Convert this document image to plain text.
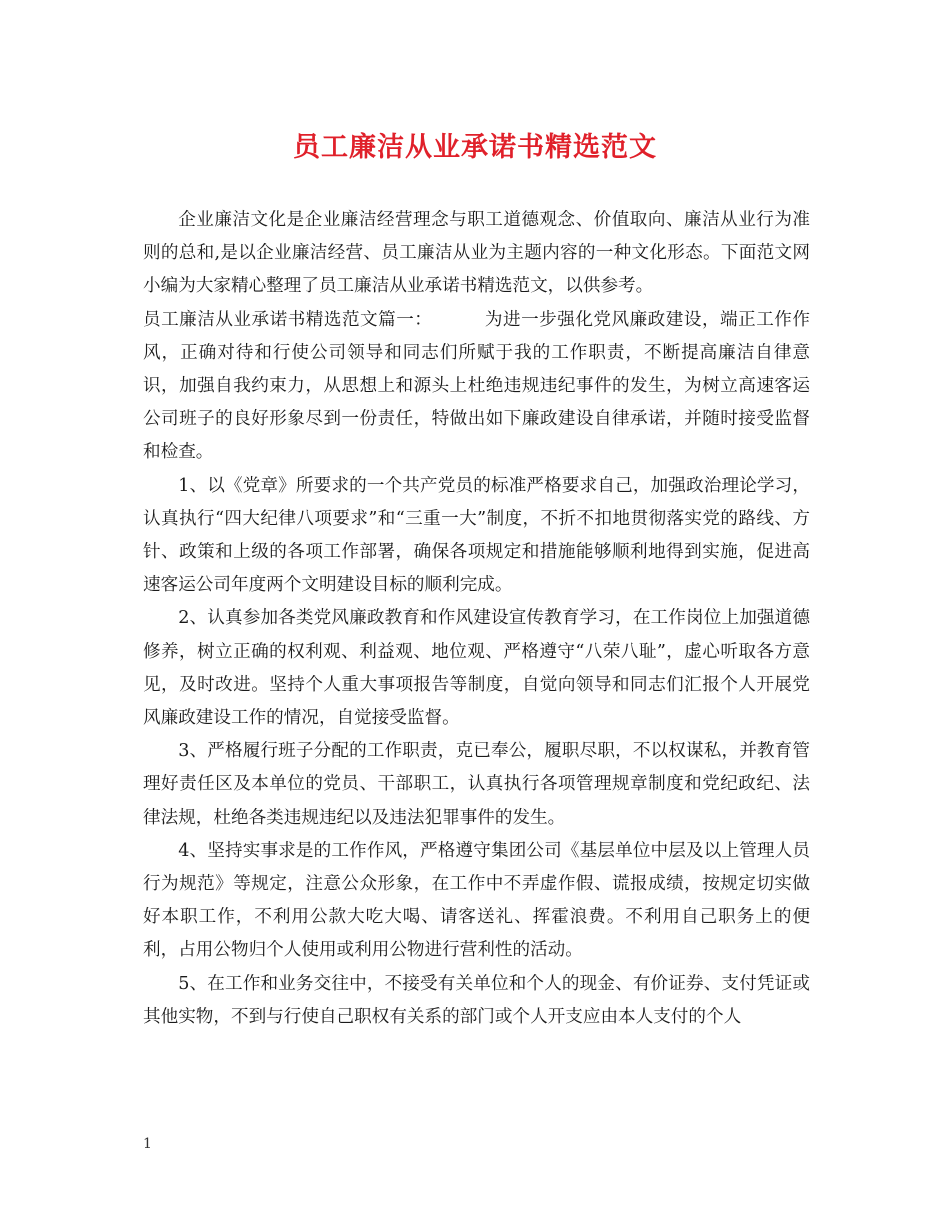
员工廉洁从业承诺书精选范文

企业廉洁文化是企业廉洁经营理念与职工道德观念、价值取向、廉洁从业行为准则的总和,是以企业廉洁经营、员工廉洁从业为主题内容的一种文化形态。下面范文网小编为大家精心整理了员工廉洁从业承诺书精选范文，以供参考。

员工廉洁从业承诺书精选范文篇一：	为进一步强化党风廉政建设，端正工作作风，正确对待和行使公司领导和同志们所赋于我的工作职责，不断提高廉洁自律意识，加强自我约束力，从思想上和源头上杜绝违规违纪事件的发生，为树立高速客运公司班子的良好形象尽到一份责任，特做出如下廉政建设自律承诺，并随时接受监督和检查。

1、以《党章》所要求的一个共产党员的标准严格要求自己，加强政治理论学习，认真执行“四大纪律八项要求”和“三重一大”制度，不折不扣地贯彻落实党的路线、方针、政策和上级的各项工作部署，确保各项规定和措施能够顺利地得到实施，促进高速客运公司年度两个文明建设目标的顺利完成。

2、认真参加各类党风廉政教育和作风建设宣传教育学习，在工作岗位上加强道德修养，树立正确的权利观、利益观、地位观、严格遵守“八荣八耻”，虚心听取各方意见，及时改进。坚持个人重大事项报告等制度，自觉向领导和同志们汇报个人开展党风廉政建设工作的情况，自觉接受监督。

3、严格履行班子分配的工作职责，克已奉公，履职尽职，不以权谋私，并教育管理好责任区及本单位的党员、干部职工，认真执行各项管理规章制度和党纪政纪、法律法规，杜绝各类违规违纪以及违法犯罪事件的发生。

4、坚持实事求是的工作作风，严格遵守集团公司《基层单位中层及以上管理人员行为规范》等规定，注意公众形象，在工作中不弄虚作假、谎报成绩，按规定切实做好本职工作，不利用公款大吃大喝、请客送礼、挥霍浪费。不利用自己职务上的便利，占用公物归个人使用或利用公物进行营利性的活动。

5、在工作和业务交往中，不接受有关单位和个人的现金、有价证券、支付凭证或其他实物，不到与行使自己职权有关系的部门或个人开支应由本人支付的个人

1
